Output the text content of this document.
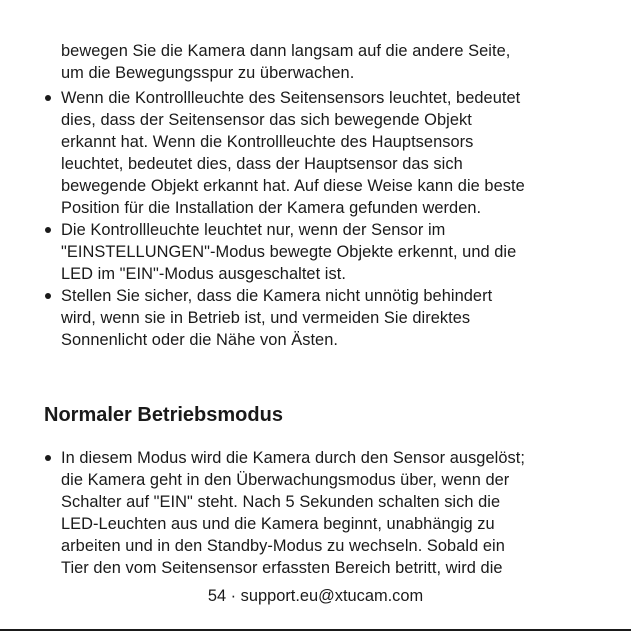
bewegen Sie die Kamera dann langsam auf die andere Seite,
um die Bewegungsspur zu überwachen.
Wenn die Kontrollleuchte des Seitensensors leuchtet, bedeutet
dies, dass der Seitensensor das sich bewegende Objekt
erkannt hat. Wenn die Kontrollleuchte des Hauptsensors
leuchtet, bedeutet dies, dass der Hauptsensor das sich
bewegende Objekt erkannt hat. Auf diese Weise kann die beste
Position für die Installation der Kamera gefunden werden.
Die Kontrollleuchte leuchtet nur, wenn der Sensor im
"EINSTELLUNGEN"-Modus bewegte Objekte erkennt, und die
LED im "EIN"-Modus ausgeschaltet ist.
Stellen Sie sicher, dass die Kamera nicht unnötig behindert
wird, wenn sie in Betrieb ist, und vermeiden Sie direktes
Sonnenlicht oder die Nähe von Ästen.
Normaler Betriebsmodus
In diesem Modus wird die Kamera durch den Sensor ausgelöst;
die Kamera geht in den Überwachungsmodus über, wenn der
Schalter auf "EIN" steht. Nach 5 Sekunden schalten sich die
LED-Leuchten aus und die Kamera beginnt, unabhängig zu
arbeiten und in den Standby-Modus zu wechseln. Sobald ein
Tier den vom Seitensensor erfassten Bereich betritt, wird die
54 · support.eu@xtucam.com
